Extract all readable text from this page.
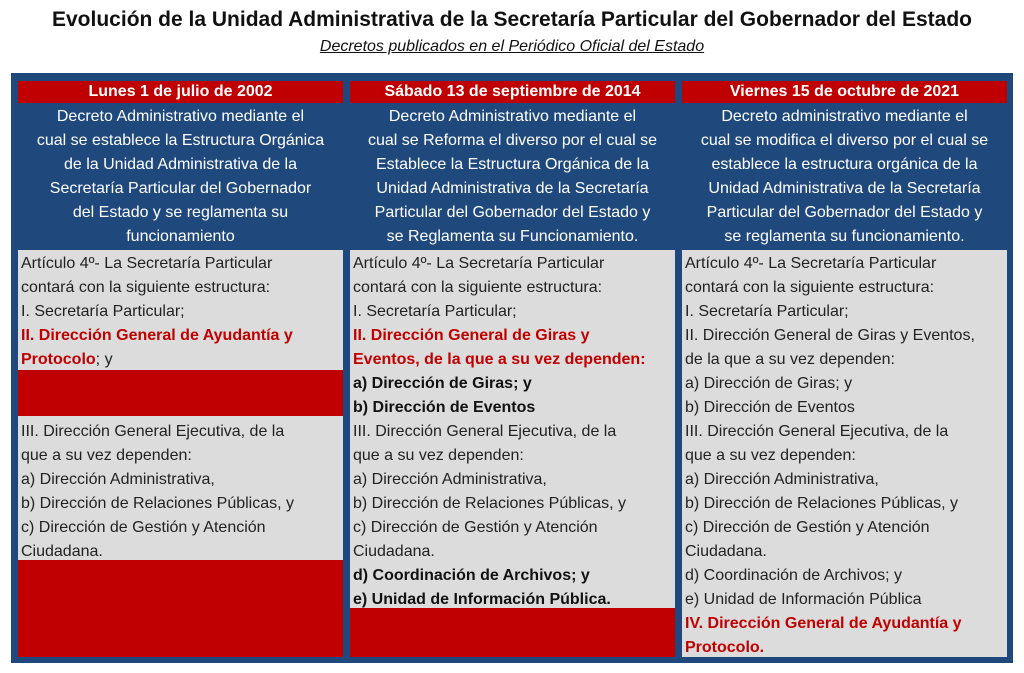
Evolución de la Unidad Administrativa de la Secretaría Particular del Gobernador del Estado
Decretos publicados en el Periódico Oficial del Estado
Lunes 1 de julio de 2002
Decreto Administrativo mediante el
cual se establece la Estructura Orgánica
de la Unidad Administrativa de la
Secretaría Particular del Gobernador
del Estado y se reglamenta su
funcionamiento
Artículo 4º- La Secretaría Particular
contará con la siguiente estructura:
I. Secretaría Particular;
II. Dirección General de Ayudantía y
Protocolo; y
III. Dirección General Ejecutiva, de la
que a su vez dependen:
a) Dirección Administrativa,
b) Dirección de Relaciones Públicas, y
c) Dirección de Gestión y Atención
Ciudadana.
Sábado 13 de septiembre de 2014
Decreto Administrativo mediante el
cual se Reforma el diverso por el cual se
Establece la Estructura Orgánica de la
Unidad Administrativa de la Secretaría
Particular del Gobernador del Estado y
se Reglamenta su Funcionamiento.
Artículo 4º- La Secretaría Particular
contará con la siguiente estructura:
I. Secretaría Particular;
II. Dirección General de Giras y
Eventos, de la que a su vez dependen:
a) Dirección de Giras; y
b) Dirección de Eventos
III. Dirección General Ejecutiva, de la
que a su vez dependen:
a) Dirección Administrativa,
b) Dirección de Relaciones Públicas, y
c) Dirección de Gestión y Atención
Ciudadana.
d) Coordinación de Archivos; y
e) Unidad de Información Pública.
Viernes 15 de octubre de 2021
Decreto administrativo mediante el
cual se modifica el diverso por el cual se
establece la estructura orgánica de la
Unidad Administrativa de la Secretaría
Particular del Gobernador del Estado y
se reglamenta su funcionamiento.
Artículo 4º- La Secretaría Particular
contará con la siguiente estructura:
I. Secretaría Particular;
II. Dirección General de Giras y Eventos,
de la que a su vez dependen:
a) Dirección de Giras; y
b) Dirección de Eventos
III. Dirección General Ejecutiva, de la
que a su vez dependen:
a) Dirección Administrativa,
b) Dirección de Relaciones Públicas, y
c) Dirección de Gestión y Atención
Ciudadana.
d) Coordinación de Archivos; y
e) Unidad de Información Pública
IV. Dirección General de Ayudantía y
Protocolo.
